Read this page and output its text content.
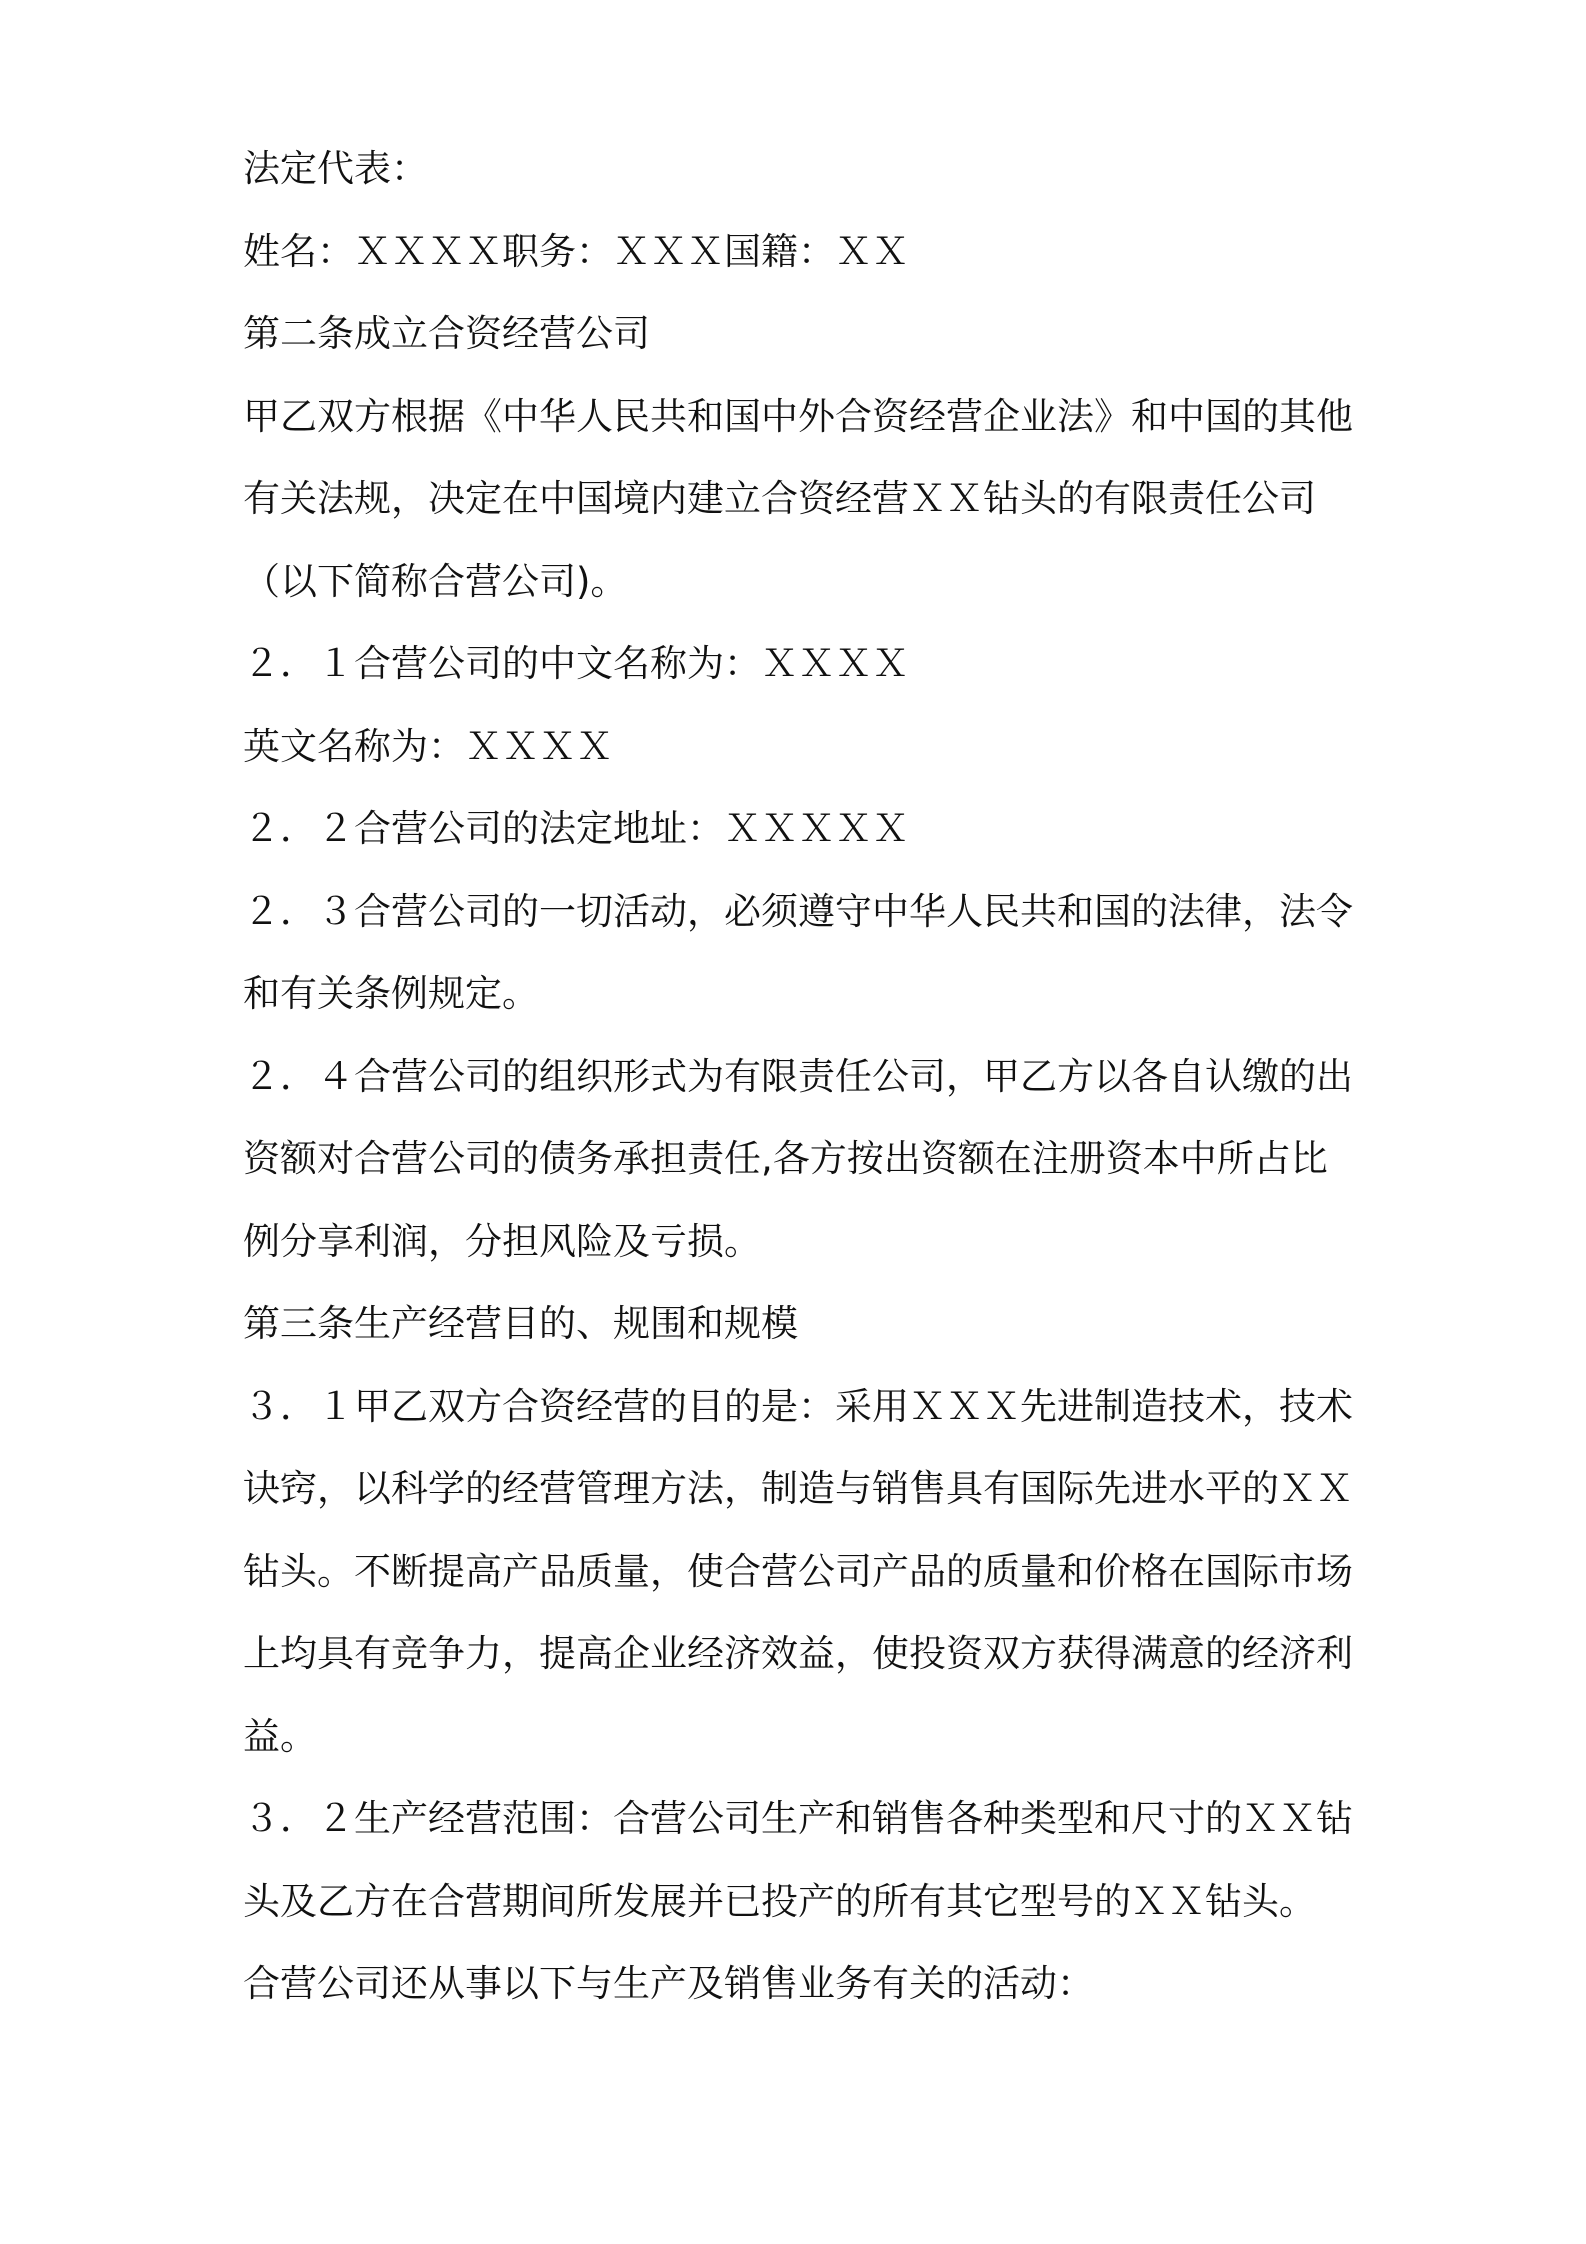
法定代表：
姓名：ＸＸＸＸ职务：ＸＸＸ国籍：ＸＸ
第二条成立合资经营公司
甲乙双方根据《中华人民共和国中外合资经营企业法》和中国的其他
有关法规，决定在中国境内建立合资经营ＸＸ钻头的有限责任公司
（以下简称合营公司)。
２．１合营公司的中文名称为：ＸＸＸＸ
英文名称为：ＸＸＸＸ
２．２合营公司的法定地址：ＸＸＸＸＸ
２．３合营公司的一切活动，必须遵守中华人民共和国的法律，法令
和有关条例规定。
２．４合营公司的组织形式为有限责任公司，甲乙方以各自认缴的出
资额对合营公司的债务承担责任,各方按出资额在注册资本中所占比
例分享利润，分担风险及亏损。
第三条生产经营目的、规围和规模
３．１甲乙双方合资经营的目的是：采用ＸＸＸ先进制造技术，技术
诀窍，以科学的经营管理方法，制造与销售具有国际先进水平的ＸＸ
钻头。不断提高产品质量，使合营公司产品的质量和价格在国际市场
上均具有竞争力，提高企业经济效益，使投资双方获得满意的经济利
益。
３．２生产经营范围：合营公司生产和销售各种类型和尺寸的ＸＸ钻
头及乙方在合营期间所发展并已投产的所有其它型号的ＸＸ钻头。
合营公司还从事以下与生产及销售业务有关的活动：
